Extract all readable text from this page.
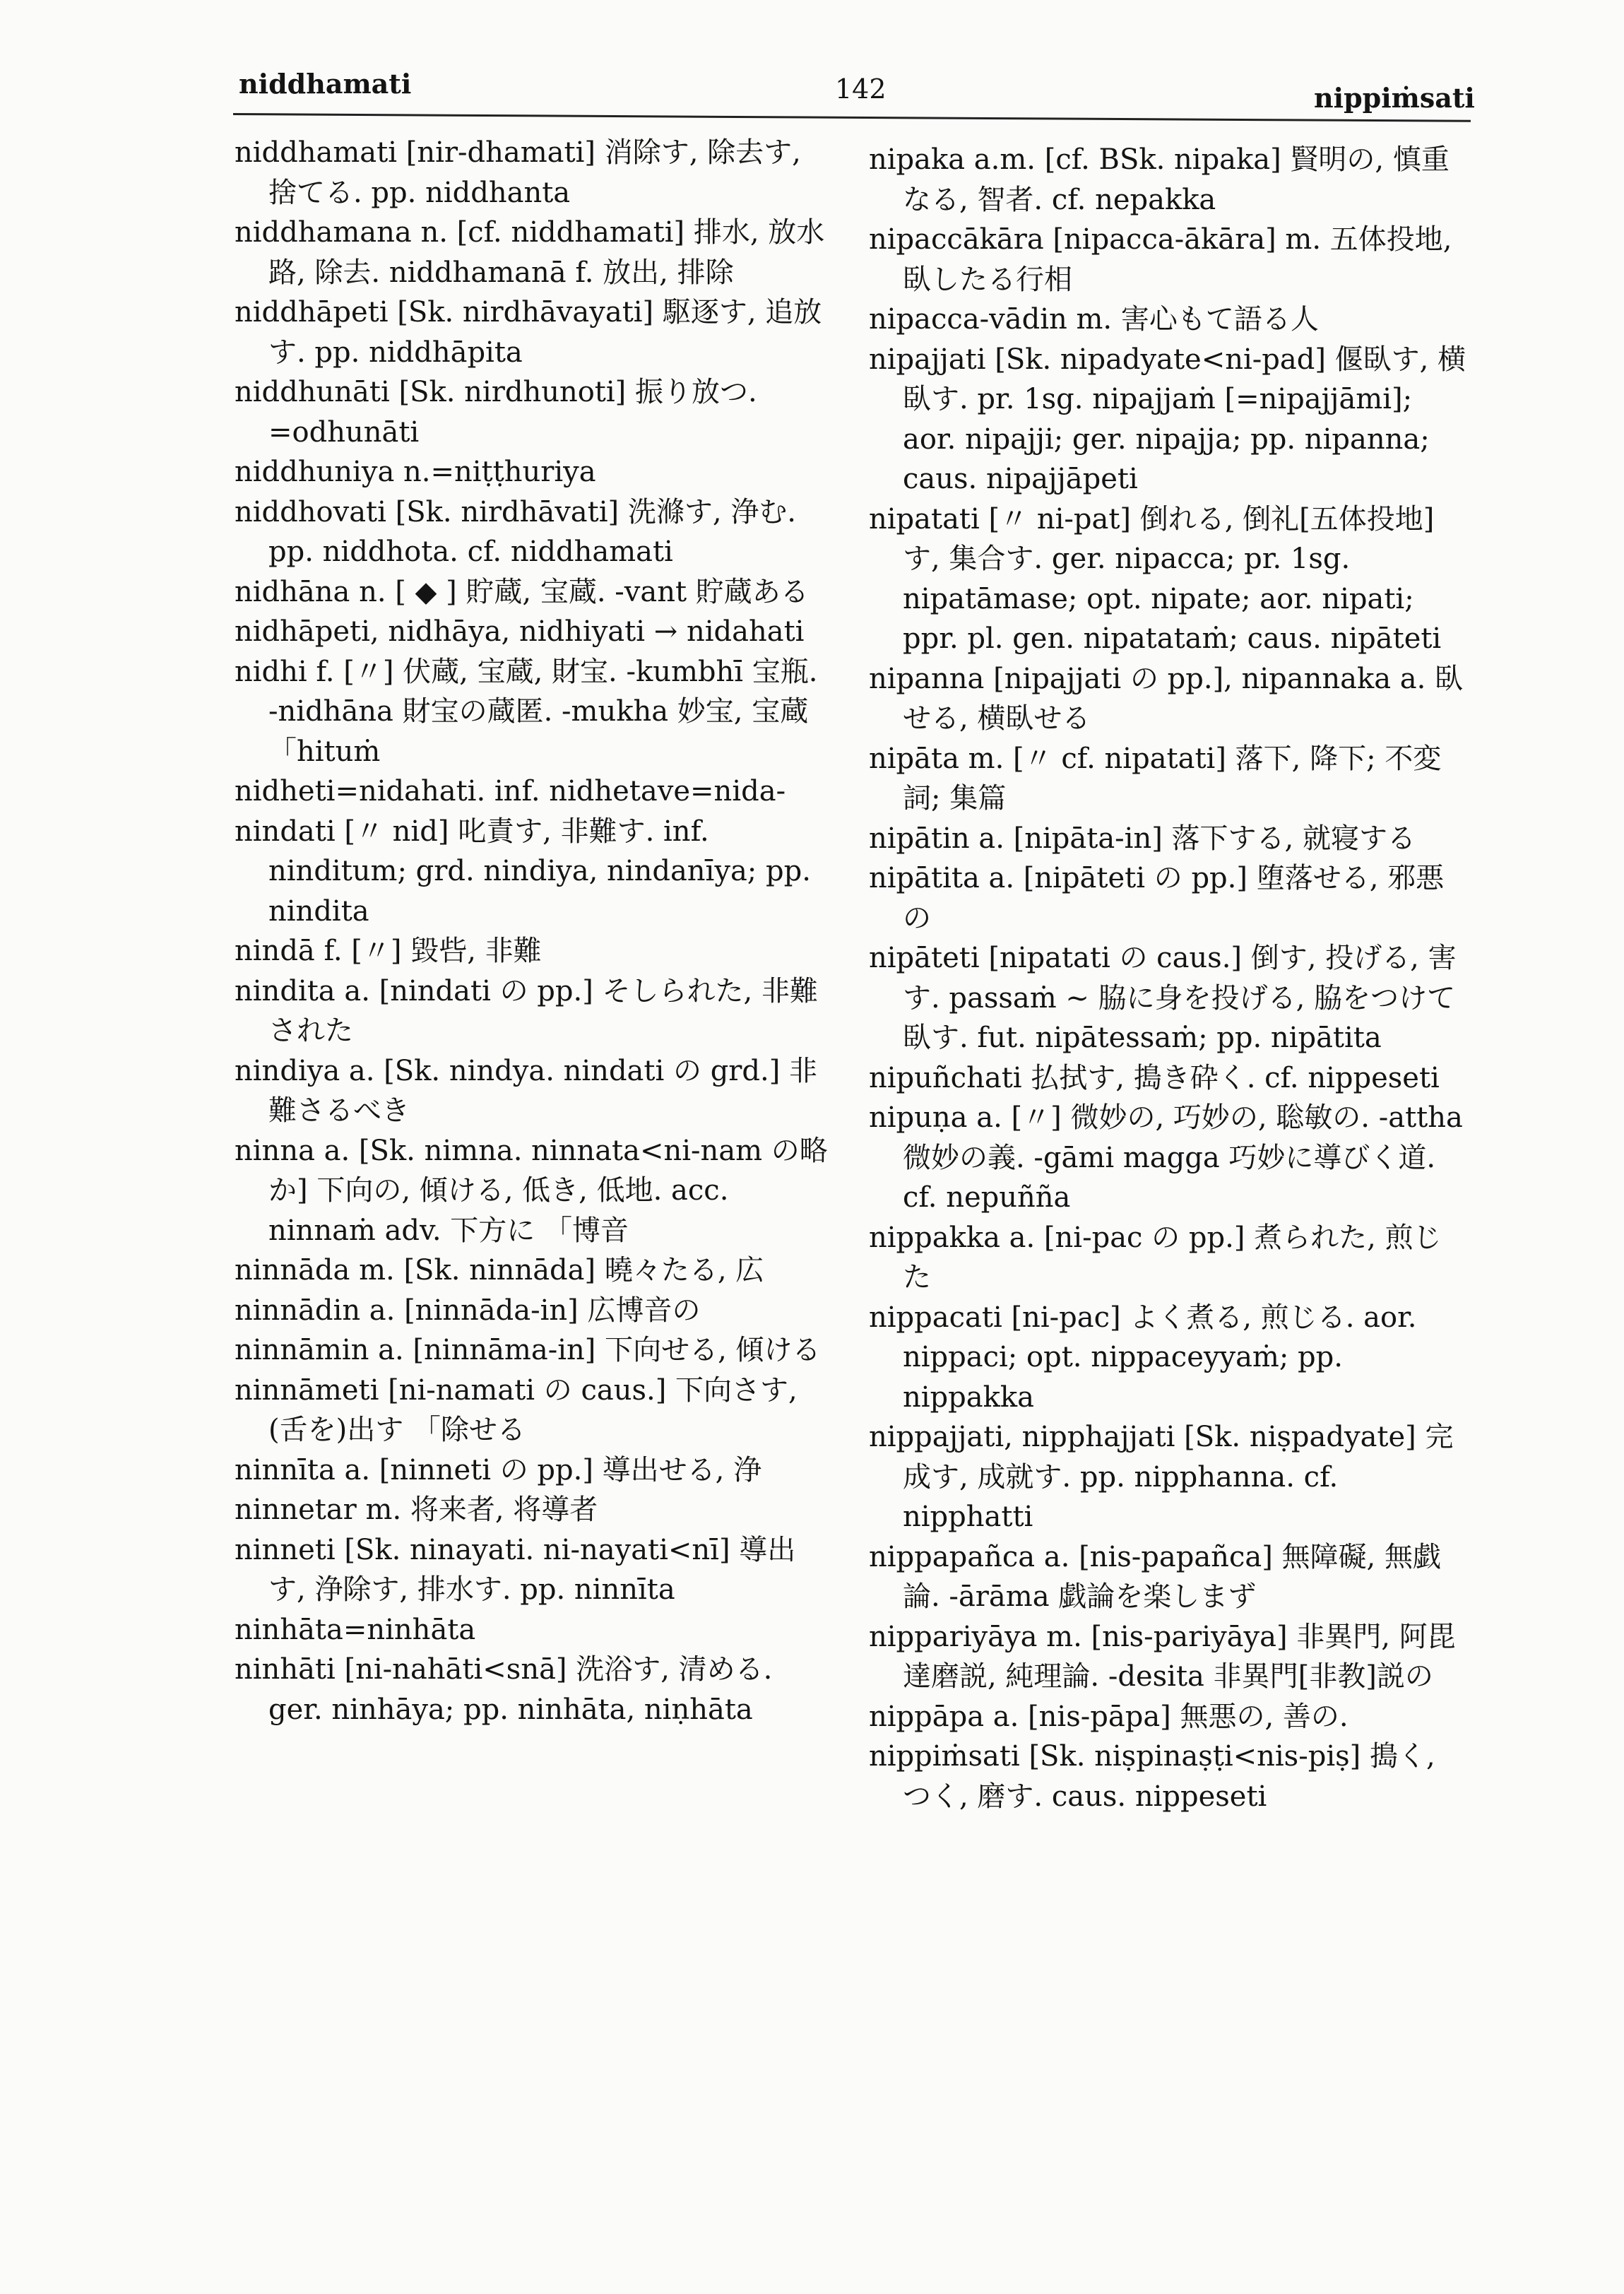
niddhamati	142	nippiṁsati
niddhamati [nir-dhamati] 消除す, 除去す, 捨てる. pp. niddhanta
niddhamana n. [cf. niddhamati] 排水, 放水路, 除去. niddhamanā f. 放出, 排除
niddhāpeti [Sk. nirdhāvayati] 駆逐す, 追放す. pp. niddhāpita
niddhunāti [Sk. nirdhunoti] 振り放つ. =odhunāti
niddhuniya n.=niṭṭhuriya
niddhovati [Sk. nirdhāvati] 洗滌す, 浄む. pp. niddhota. cf. niddhamati
nidhāna n. [ ◆ ] 貯蔵, 宝蔵. -vant 貯蔵ある
nidhāpeti, nidhāya, nidhiyati → nidahati
nidhi f. [〃] 伏蔵, 宝蔵, 財宝. -kumbhī 宝瓶. -nidhāna 財宝の蔵匿. -mukha 妙宝, 宝蔵 「hituṁ
nidheti=nidahati. inf. nidhetave=nida-
nindati [〃 nid] 叱責す, 非難す. inf. ninditum; grd. nindiya, nindanīya; pp. nindita
nindā f. [〃] 毀呰, 非難
nindita a. [nindati の pp.] そしられた, 非難された
nindiya a. [Sk. nindya. nindati の grd.] 非難さるべき
ninna a. [Sk. nimna. ninnata<ni-nam の略か] 下向の, 傾ける, 低き, 低地. acc. ninnaṁ adv. 下方に 「博音
ninnāda m. [Sk. ninnāda] 曉々たる, 広
ninnādin a. [ninnāda-in] 広博音の
ninnāmin a. [ninnāma-in] 下向せる, 傾ける
ninnāmeti [ni-namati の caus.] 下向さす, (舌を)出す 「除せる
ninnīta a. [ninneti の pp.] 導出せる, 浄
ninnetar m. 将来者, 将導者
ninneti [Sk. ninayati. ni-nayati<nī] 導出す, 浄除す, 排水す. pp. ninnīta
ninhāta=ninhāta
ninhāti [ni-nahāti<snā] 洗浴す, 清める. ger. ninhāya; pp. ninhāta, niṇhāta
nipaka a.m. [cf. BSk. nipaka] 賢明の, 慎重なる, 智者. cf. nepakka
nipaccākāra [nipacca-ākāra] m. 五体投地, 臥したる行相
nipacca-vādin m. 害心もて語る人
nipajjati [Sk. nipadyate<ni-pad] 偃臥す, 横臥す. pr. 1sg. nipajjaṁ [=nipajjāmi]; aor. nipajji; ger. nipajja; pp. nipanna; caus. nipajjāpeti
nipatati [〃 ni-pat] 倒れる, 倒礼[五体投地]す, 集合す. ger. nipacca; pr. 1sg. nipatāmase; opt. nipate; aor. nipati; ppr. pl. gen. nipatataṁ; caus. nipāteti
nipanna [nipajjati の pp.], nipannaka a. 臥せる, 横臥せる
nipāta m. [〃 cf. nipatati] 落下, 降下; 不変詞; 集篇
nipātin a. [nipāta-in] 落下する, 就寝する
nipātita a. [nipāteti の pp.] 堕落せる, 邪悪の
nipāteti [nipatati の caus.] 倒す, 投げる, 害す. passaṁ ~ 脇に身を投げる, 脇をつけて臥す. fut. nipātessaṁ; pp. nipātita
nipuñchati 払拭す, 搗き砕く. cf. nippeseti
nipuṇa a. [〃] 微妙の, 巧妙の, 聡敏の. -attha 微妙の義. -gāmi magga 巧妙に導びく道. cf. nepuñña
nippakka a. [ni-pac の pp.] 煮られた, 煎じた
nippacati [ni-pac] よく煮る, 煎じる. aor. nippaci; opt. nippaceyyaṁ; pp. nippakka
nippajjati, nipphajjati [Sk. niṣpadyate] 完成す, 成就す. pp. nipphanna. cf. nipphatti
nippapañca a. [nis-papañca] 無障礙, 無戯論. -ārāma 戯論を楽しまず
nippariyāya m. [nis-pariyāya] 非異門, 阿毘達磨説, 純理論. -desita 非異門[非教]説の
nippāpa a. [nis-pāpa] 無悪の, 善の.
nippiṁsati [Sk. niṣpinaṣṭi<nis-piṣ] 搗く, つく, 磨す. caus. nippeseti
